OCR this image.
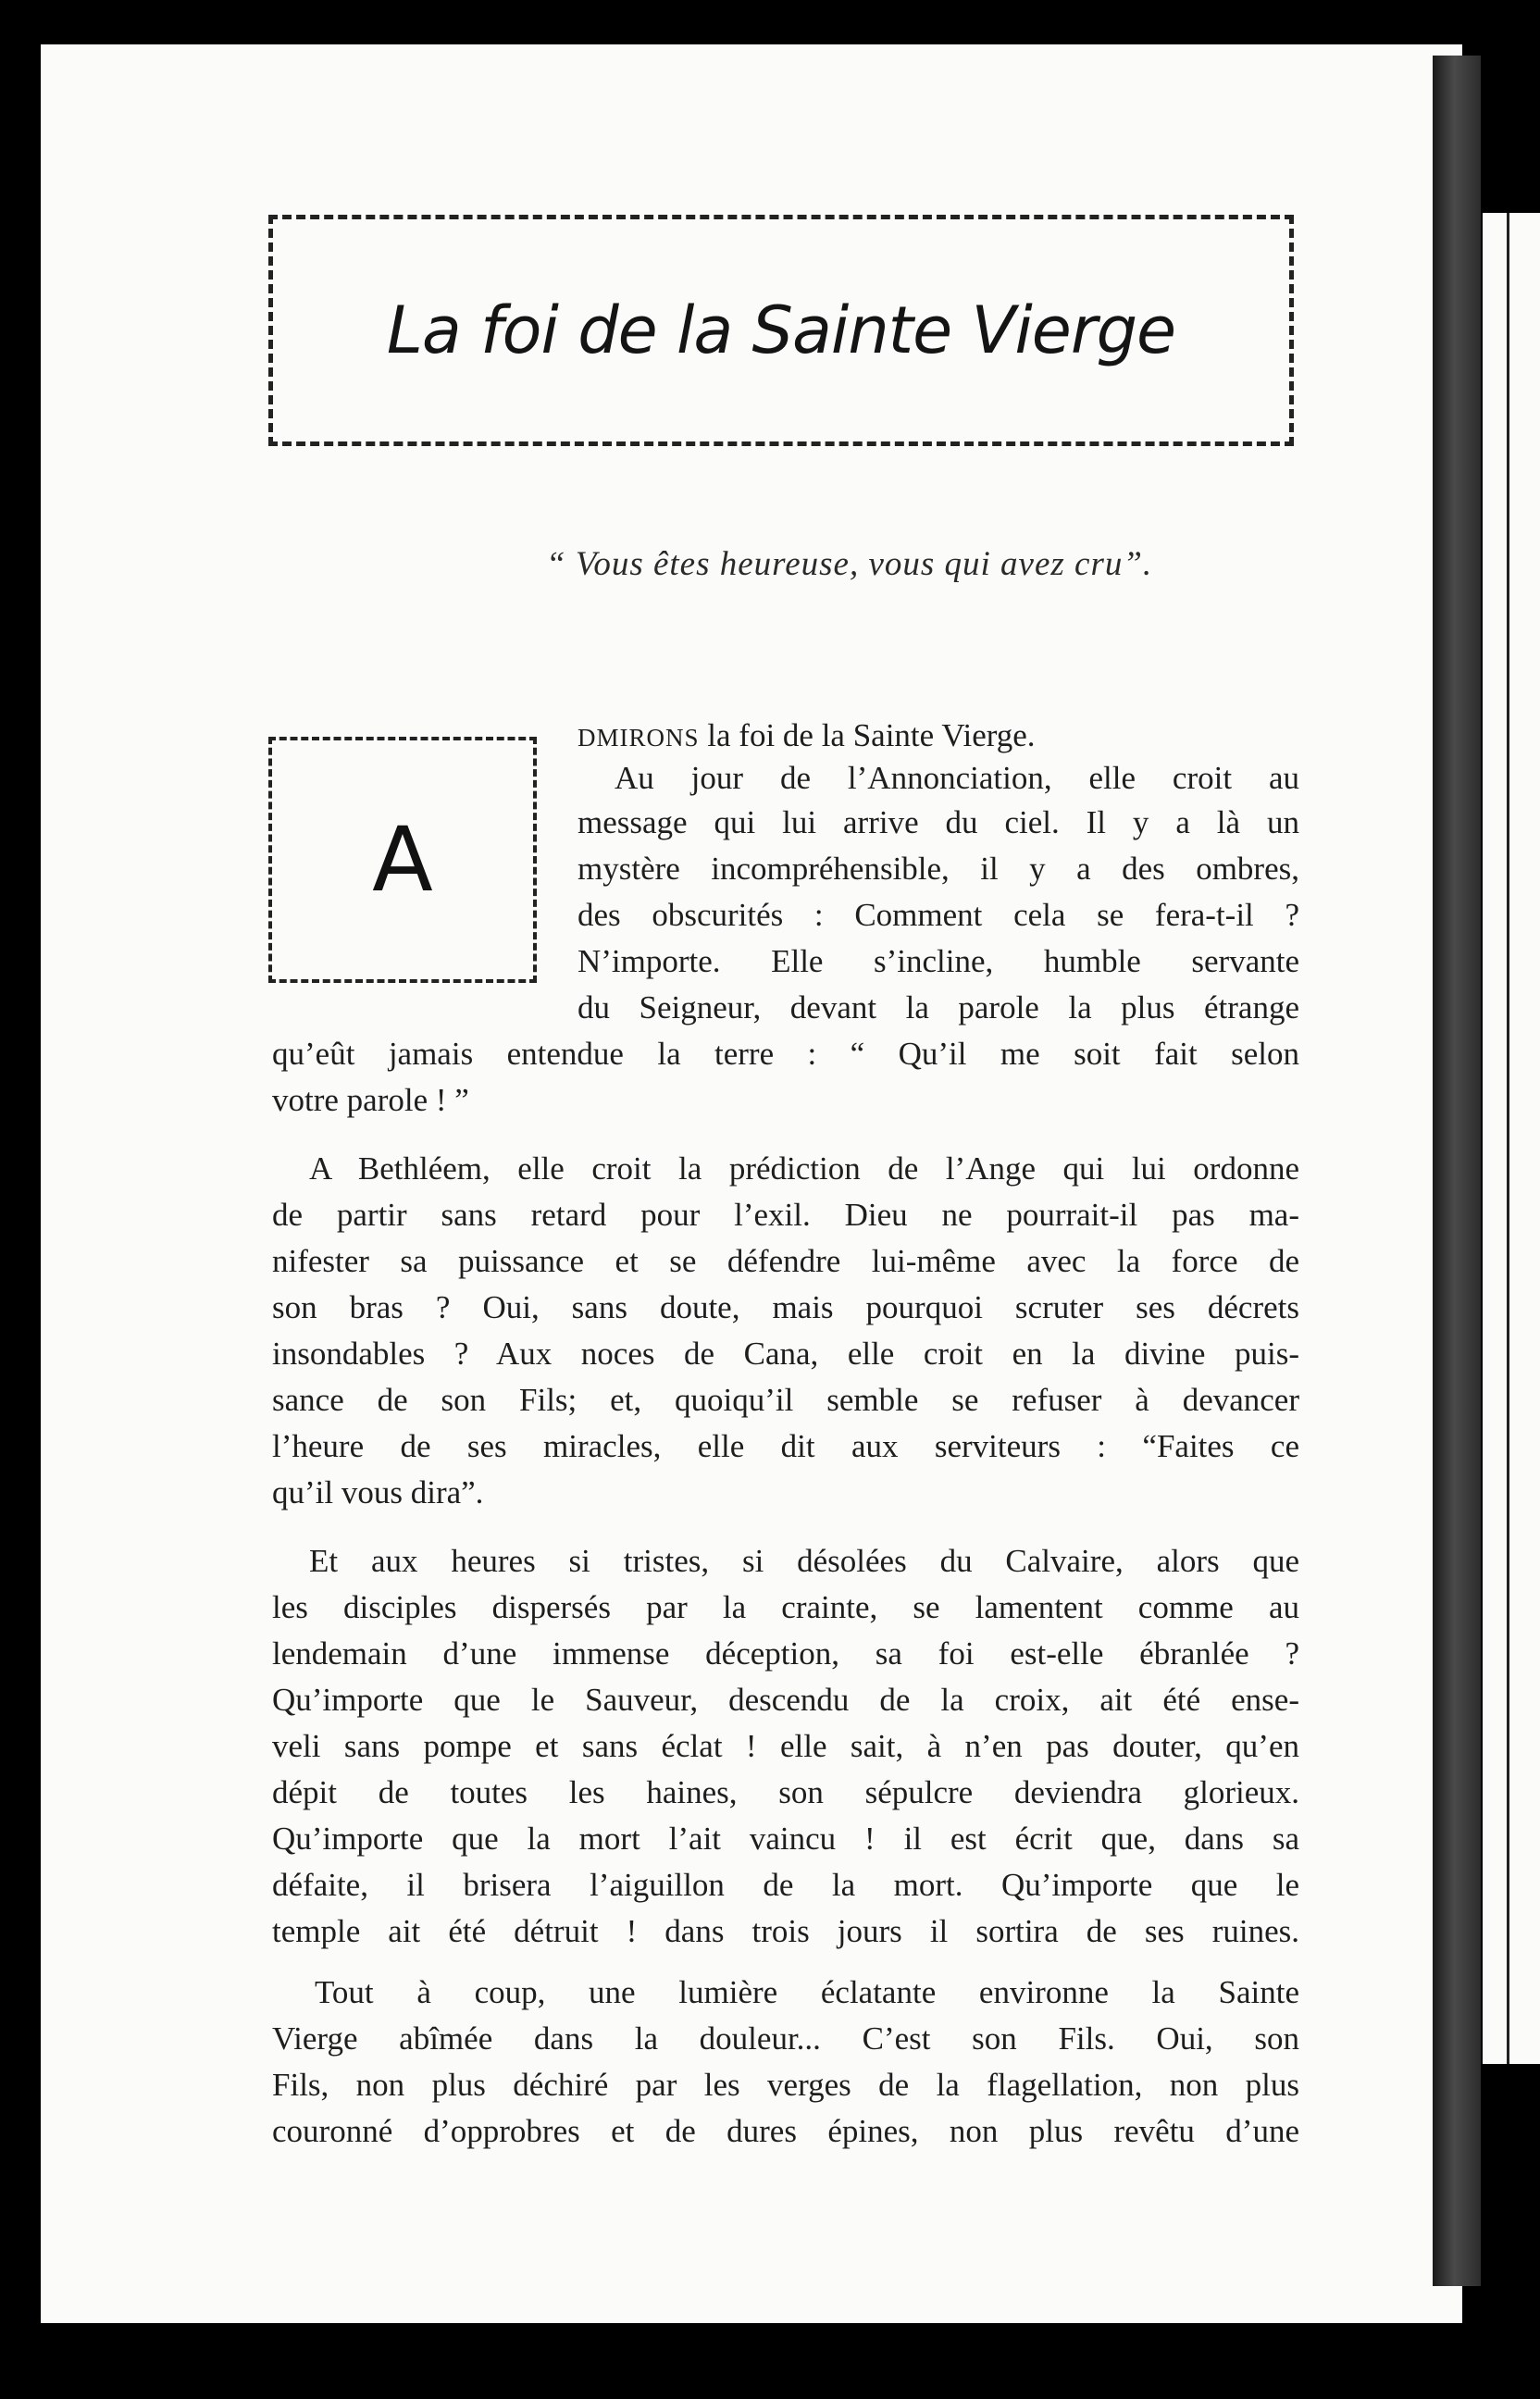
La foi de la Sainte Vierge
“ Vous êtes heureuse, vous qui avez cru”.
A
DMIRONS la foi de la Sainte Vierge.
Au jour de l’Annonciation, elle croit au
message qui lui arrive du ciel. Il y a là un
mystère incompréhensible, il y a des ombres,
des obscurités : Comment cela se fera-t-il ?
N’importe. Elle s’incline, humble servante
du Seigneur, devant la parole la plus étrange
qu’eût jamais entendue la terre : “ Qu’il me soit fait selon
votre parole ! ”
A Bethléem, elle croit la prédiction de l’Ange qui lui ordonne
de partir sans retard pour l’exil. Dieu ne pourrait-il pas ma-
nifester sa puissance et se défendre lui-même avec la force de
son bras ? Oui, sans doute, mais pourquoi scruter ses décrets
insondables ? Aux noces de Cana, elle croit en la divine puis-
sance de son Fils; et, quoiqu’il semble se refuser à devancer
l’heure de ses miracles, elle dit aux serviteurs : “Faites ce
qu’il vous dira”.
Et aux heures si tristes, si désolées du Calvaire, alors que
les disciples dispersés par la crainte, se lamentent comme au
lendemain d’une immense déception, sa foi est-elle ébranlée ?
Qu’importe que le Sauveur, descendu de la croix, ait été ense-
veli sans pompe et sans éclat ! elle sait, à n’en pas douter, qu’en
dépit de toutes les haines, son sépulcre deviendra glorieux.
Qu’importe que la mort l’ait vaincu ! il est écrit que, dans sa
défaite, il brisera l’aiguillon de la mort. Qu’importe que le
temple ait été détruit ! dans trois jours il sortira de ses ruines.
Tout à coup, une lumière éclatante environne la Sainte
Vierge abîmée dans la douleur... C’est son Fils. Oui, son
Fils, non plus déchiré par les verges de la flagellation, non plus
couronné d’opprobres et de dures épines, non plus revêtu d’une
